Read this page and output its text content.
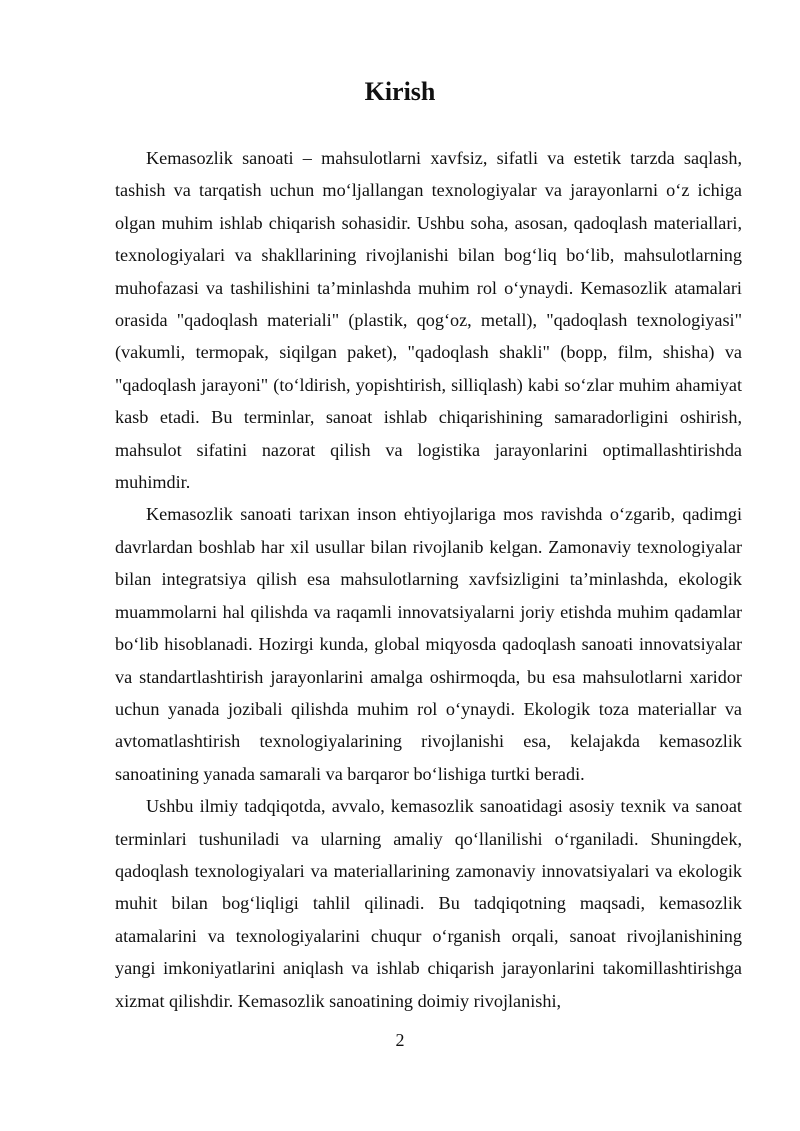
Kirish

Kemasozlik sanoati – mahsulotlarni xavfsiz, sifatli va estetik tarzda saqlash, tashish va tarqatish uchun mo‘ljallangan texnologiyalar va jarayonlarni o‘z ichiga olgan muhim ishlab chiqarish sohasidir. Ushbu soha, asosan, qadoqlash materiallari, texnologiyalari va shakllarining rivojlanishi bilan bog‘liq bo‘lib, mahsulotlarning muhofazasi va tashilishini ta’minlashda muhim rol o‘ynaydi. Kemasozlik atamalari orasida "qadoqlash materiali" (plastik, qog‘oz, metall), "qadoqlash texnologiyasi" (vakumli, termopak, siqilgan paket), "qadoqlash shakli" (bopp, film, shisha) va "qadoqlash jarayoni" (to‘ldirish, yopishtirish, silliqlash) kabi so‘zlar muhim ahamiyat kasb etadi. Bu terminlar, sanoat ishlab chiqarishining samaradorligini oshirish, mahsulot sifatini nazorat qilish va logistika jarayonlarini optimallashtirishda muhimdir.

Kemasozlik sanoati tarixan inson ehtiyojlariga mos ravishda o‘zgarib, qadimgi davrlardan boshlab har xil usullar bilan rivojlanib kelgan. Zamonaviy texnologiyalar bilan integratsiya qilish esa mahsulotlarning xavfsizligini ta’minlashda, ekologik muammolarni hal qilishda va raqamli innovatsiyalarni joriy etishda muhim qadamlar bo‘lib hisoblanadi. Hozirgi kunda, global miqyosda qadoqlash sanoati innovatsiyalar va standartlashtirish jarayonlarini amalga oshirmoqda, bu esa mahsulotlarni xaridor uchun yanada jozibali qilishda muhim rol o‘ynaydi. Ekologik toza materiallar va avtomatlashtirish texnologiyalarining rivojlanishi esa, kelajakda kemasozlik sanoatining yanada samarali va barqaror bo‘lishiga turtki beradi.

Ushbu ilmiy tadqiqotda, avvalo, kemasozlik sanoatidagi asosiy texnik va sanoat terminlari tushuniladi va ularning amaliy qo‘llanilishi o‘rganiladi. Shuningdek, qadoqlash texnologiyalari va materiallarining zamonaviy innovatsiyalari va ekologik muhit bilan bog‘liqligi tahlil qilinadi. Bu tadqiqotning maqsadi, kemasozlik atamalarini va texnologiyalarini chuqur o‘rganish orqali, sanoat rivojlanishining yangi imkoniyatlarini aniqlash va ishlab chiqarish jarayonlarini takomillashtirishga xizmat qilishdir. Kemasozlik sanoatining doimiy rivojlanishi,

2
